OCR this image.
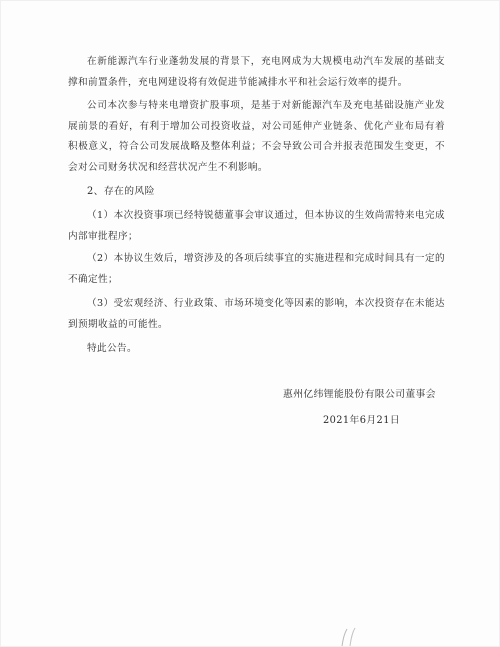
在新能源汽车行业蓬勃发展的背景下，充电网成为大规模电动汽车发展的基础支撑和前置条件，充电网建设将有效促进节能减排水平和社会运行效率的提升。

公司本次参与特来电增资扩股事项，是基于对新能源汽车及充电基础设施产业发展前景的看好，有利于增加公司投资收益，对公司延伸产业链条、优化产业布局有着积极意义，符合公司发展战略及整体利益；不会导致公司合并报表范围发生变更，不会对公司财务状况和经营状况产生不利影响。

2、存在的风险

（1）本次投资事项已经特锐德董事会审议通过，但本协议的生效尚需特来电完成内部审批程序；

（2）本协议生效后，增资涉及的各项后续事宜的实施进程和完成时间具有一定的不确定性；

（3）受宏观经济、行业政策、市场环境变化等因素的影响，本次投资存在未能达到预期收益的可能性。

特此公告。

惠州亿纬锂能股份有限公司董事会

2021年6月21日
